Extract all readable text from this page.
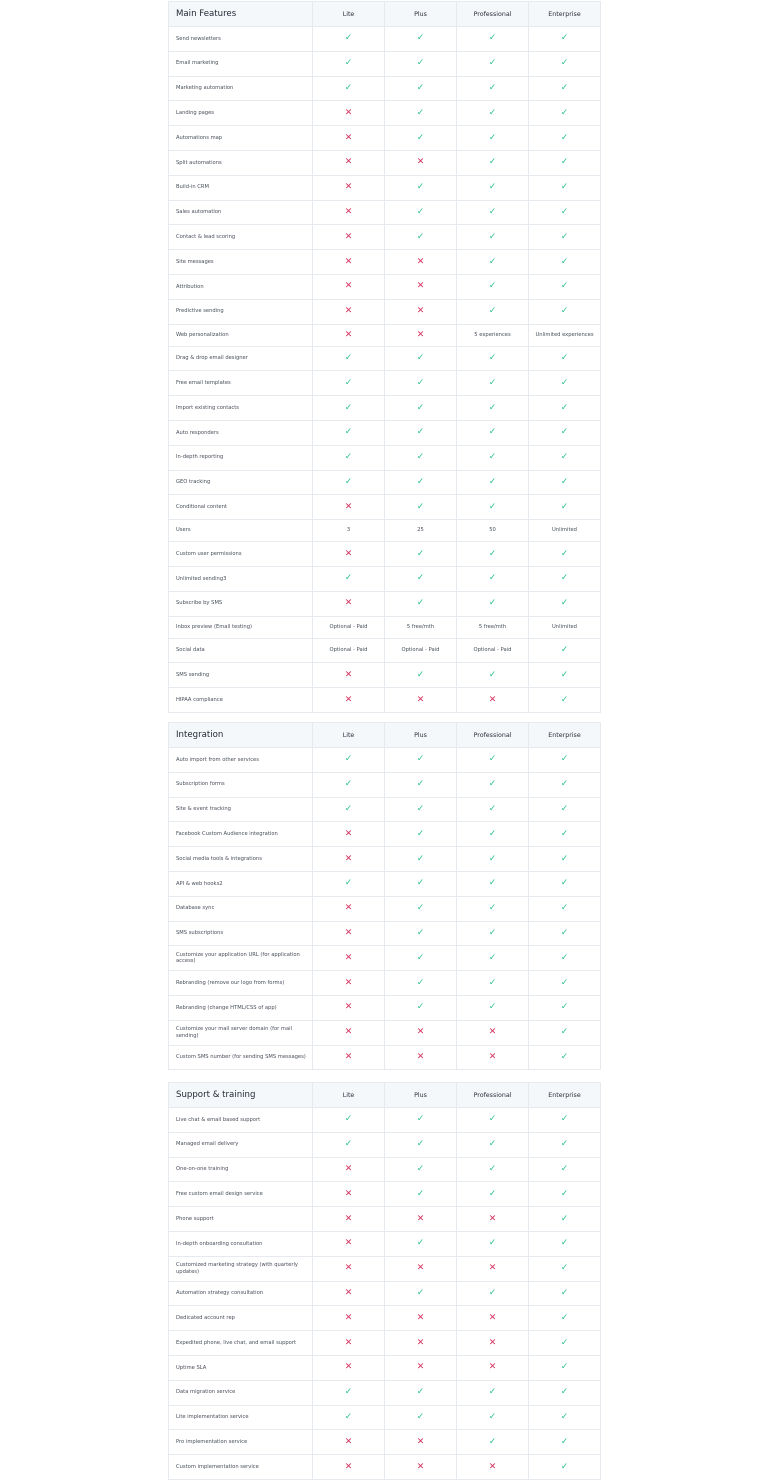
Main Features	Lite	Plus	Professional	Enterprise
Send newsletters	✓	✓	✓	✓
Email marketing	✓	✓	✓	✓
Marketing automation	✓	✓	✓	✓
Landing pages	✕	✓	✓	✓
Automations map	✕	✓	✓	✓
Split automations	✕	✕	✓	✓
Build-in CRM	✕	✓	✓	✓
Sales automation	✕	✓	✓	✓
Contact & lead scoring	✕	✓	✓	✓
Site messages	✕	✕	✓	✓
Attribution	✕	✕	✓	✓
Predictive sending	✕	✕	✓	✓
Web personalization	✕	✕	5 experiences	Unlimited experiences
Drag & drop email designer	✓	✓	✓	✓
Free email templates	✓	✓	✓	✓
Import existing contacts	✓	✓	✓	✓
Auto responders	✓	✓	✓	✓
In-depth reporting	✓	✓	✓	✓
GEO tracking	✓	✓	✓	✓
Conditional content	✕	✓	✓	✓
Users	3	25	50	Unlimited
Custom user permissions	✕	✓	✓	✓
Unlimited sending3	✓	✓	✓	✓
Subscribe by SMS	✕	✓	✓	✓
Inbox preview (Email testing)	Optional - Paid	5 free/mth	5 free/mth	Unlimited
Social data	Optional - Paid	Optional - Paid	Optional - Paid	✓
SMS sending	✕	✓	✓	✓
HIPAA compliance	✕	✕	✕	✓
Integration	Lite	Plus	Professional	Enterprise
Auto import from other services	✓	✓	✓	✓
Subscription forms	✓	✓	✓	✓
Site & event tracking	✓	✓	✓	✓
Facebook Custom Audience integration	✕	✓	✓	✓
Social media tools & integrations	✕	✓	✓	✓
API & web hooks2	✓	✓	✓	✓
Database sync	✕	✓	✓	✓
SMS subscriptions	✕	✓	✓	✓
Customize your application URL (for application access)	✕	✓	✓	✓
Rebranding (remove our logo from forms)	✕	✓	✓	✓
Rebranding (change HTML/CSS of app)	✕	✓	✓	✓
Customize your mail server domain (for mail sending)	✕	✕	✕	✓
Custom SMS number (for sending SMS messages)	✕	✕	✕	✓
Support & training	Lite	Plus	Professional	Enterprise
Live chat & email based support	✓	✓	✓	✓
Managed email delivery	✓	✓	✓	✓
One-on-one training	✕	✓	✓	✓
Free custom email design service	✕	✓	✓	✓
Phone support	✕	✕	✕	✓
In-depth onboarding consultation	✕	✓	✓	✓
Customized marketing strategy (with quarterly updates)	✕	✕	✕	✓
Automation strategy consultation	✕	✓	✓	✓
Dedicated account rep	✕	✕	✕	✓
Expedited phone, live chat, and email support	✕	✕	✕	✓
Uptime SLA	✕	✕	✕	✓
Data migration service	✓	✓	✓	✓
Lite implementation service	✓	✓	✓	✓
Pro implementation service	✕	✕	✓	✓
Custom implementation service	✕	✕	✕	✓
